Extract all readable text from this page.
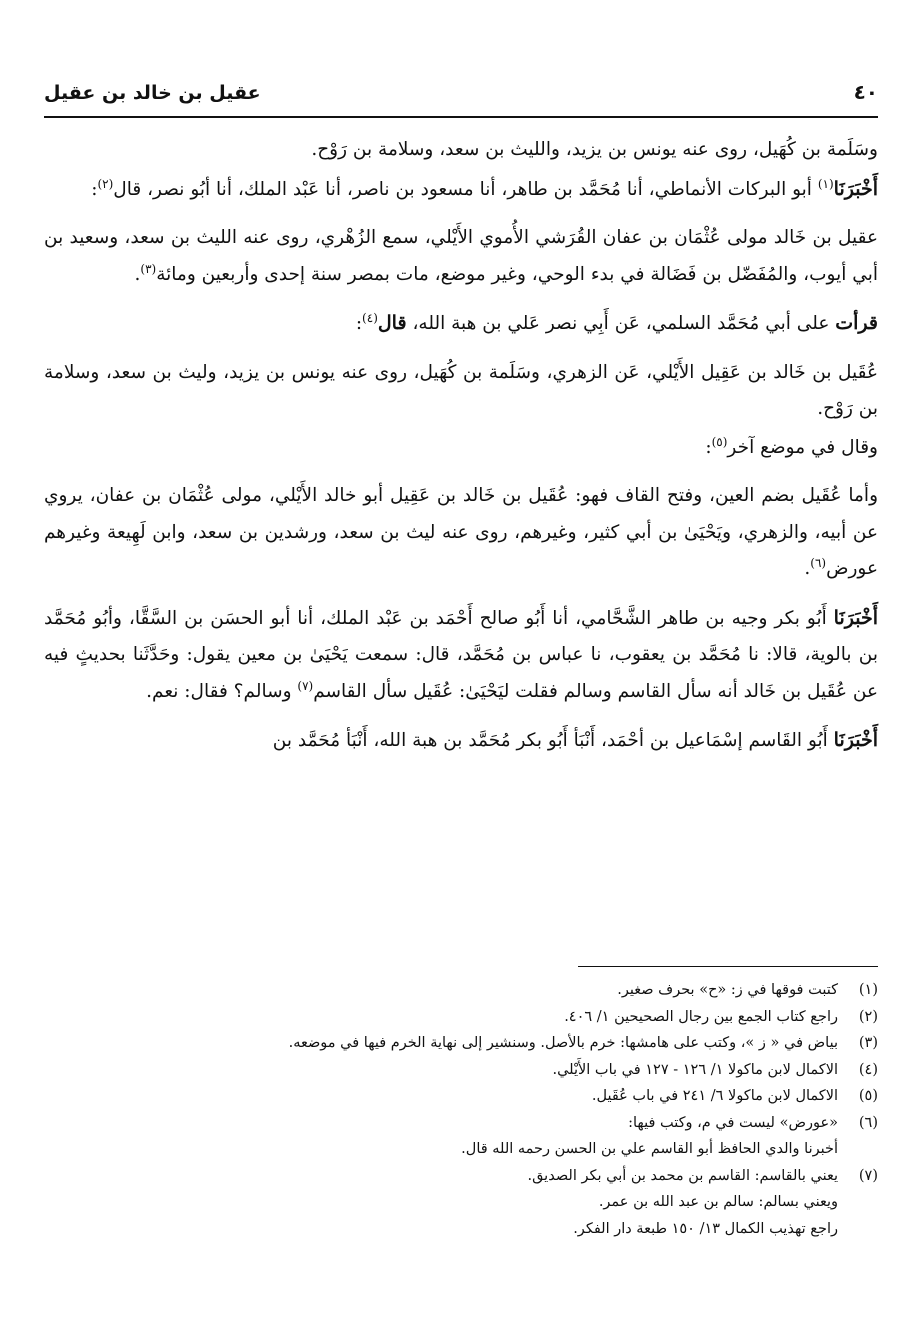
٤٠
عقيل بن خالد بن عقيل

وسَلَمة بن كُهَيل، روى عنه يونس بن يزيد، والليث بن سعد، وسلامة بن رَوْح.

أَخْبَرَنَا$^{(١)}$ أبو البركات الأنماطي، أنا مُحَمَّد بن طاهر، أنا مسعود بن ناصر، أنا عَبْد الملك، أنا أبُو نصر، قال$^{(٢)}$:

عقيل بن خَالد مولى عُثْمَان بن عفان القُرَشي الأُموي الأَيْلي، سمع الزُهْري، روى عنه الليث بن سعد، وسعيد بن أبي أيوب، والمُفَضّل بن فَضَالة في بدء الوحي، وغير موضع، مات بمصر سنة إحدى وأربعين ومائة$^{(٣)}$.

قرأت على أبي مُحَمَّد السلمي، عَن أَبِي نصر عَلي بن هبة الله، قال$^{(٤)}$:

عُقَيل بن خَالد بن عَقِيل الأَيْلي، عَن الزهري، وسَلَمة بن كُهَيل، روى عنه يونس بن يزيد، وليث بن سعد، وسلامة بن رَوْح.

وقال في موضع آخر$^{(٥)}$:

وأما عُقَيل بضم العين، وفتح القاف فهو: عُقَيل بن خَالد بن عَقِيل أبو خالد الأَيْلي، مولى عُثْمَان بن عفان، يروي عن أبيه، والزهري، ويَحْيَىٰ بن أبي كثير، وغيرهم، روى عنه ليث بن سعد، ورشدين بن سعد، وابن لَهِيعة وغيرهم عورض$^{(٦)}$.

أَخْبَرَنَا أَبُو بكر وجيه بن طاهر الشَّحَّامي، أنا أَبُو صالح أَحْمَد بن عَبْد الملك، أنا أبو الحسَن بن السَّقَّا، وأبُو مُحَمَّد بن بالوية، قالا: نا مُحَمَّد بن يعقوب، نا عباس بن مُحَمَّد، قال: سمعت يَحْيَىٰ بن معين يقول: وحَدَّثَنا بحديثٍ فيه عن عُقَيل بن خَالد أنه سأل القاسم وسالم فقلت ليَحْيَىٰ: عُقَيل سأل القاسم$^{(٧)}$ وسالم؟ فقال: نعم.

أَخْبَرَنَا أَبُو القَاسم إسْمَاعيل بن أحْمَد، أَنْبَأ أَبُو بكر مُحَمَّد بن هبة الله، أَنْبَأ مُحَمَّد بن

(١)
كتبت فوقها في ز: «ح» بحرف صغير.
(٢)
راجع كتاب الجمع بين رجال الصحيحين ١/ ٤٠٦.
(٣)
بياض في « ز »، وكتب على هامشها: خرم بالأصل. وسنشير إلى نهاية الخرم فيها في موضعه.
(٤)
الاكمال لابن ماكولا ١/ ١٢٦ - ١٢٧ في باب الأَيْلي.
(٥)
الاكمال لابن ماكولا ٦/ ٢٤١ في باب عُقَيل.
(٦)
«عورض» ليست في م، وكتب فيها:
أخبرنا والدي الحافظ أبو القاسم علي بن الحسن رحمه الله قال.
(٧)
يعني بالقاسم: القاسم بن محمد بن أبي بكر الصديق.
ويعني بسالم: سالم بن عبد الله بن عمر.
راجع تهذيب الكمال ١٣/ ١٥٠ طبعة دار الفكر.
